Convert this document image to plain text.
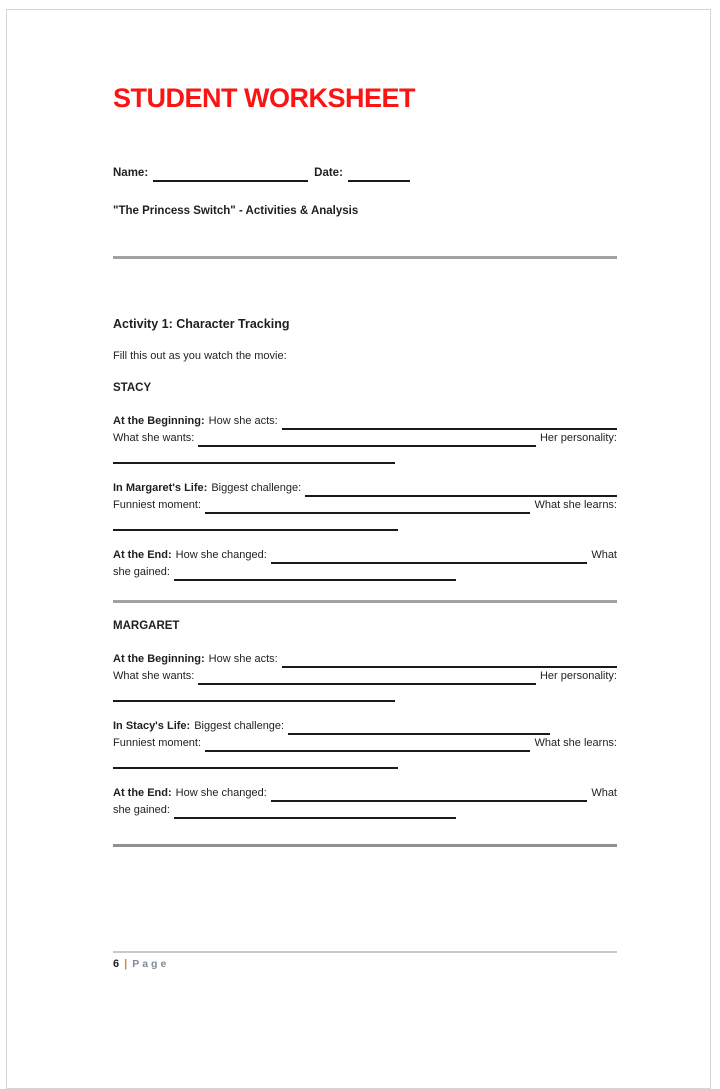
STUDENT WORKSHEET
Name:	Date:
"The Princess Switch" - Activities & Analysis
Activity 1: Character Tracking
Fill this out as you watch the movie:
STACY
At the Beginning: How she acts:
What she wants:	Her personality:
In Margaret's Life: Biggest challenge:
Funniest moment:	What she learns:
At the End: How she changed:	What
she gained:
MARGARET
At the Beginning: How she acts:
What she wants:	Her personality:
In Stacy's Life: Biggest challenge:
Funniest moment:	What she learns:
At the End: How she changed:	What
she gained:
6 | Page
